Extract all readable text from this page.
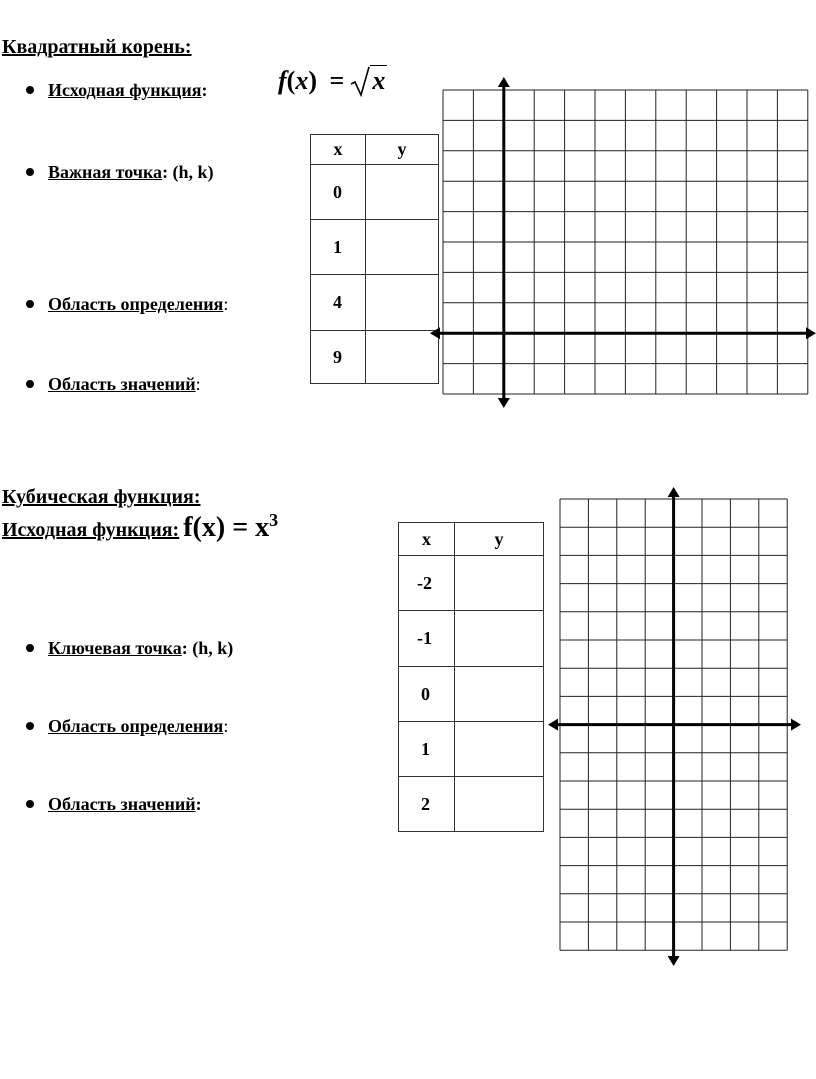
Квадратный корень:
Исходная функция:	f(x) = x
Важная точка: (h, k)
Область определения:
Область значений:
x	y
0	
1	
4	
9	
Кубическая функция:
Исходная функция: $f(x) = x^3$
Ключевая точка: (h, k)
Область определения:
Область значений:
x	y
-2	
-1	
0	
1	
2	
